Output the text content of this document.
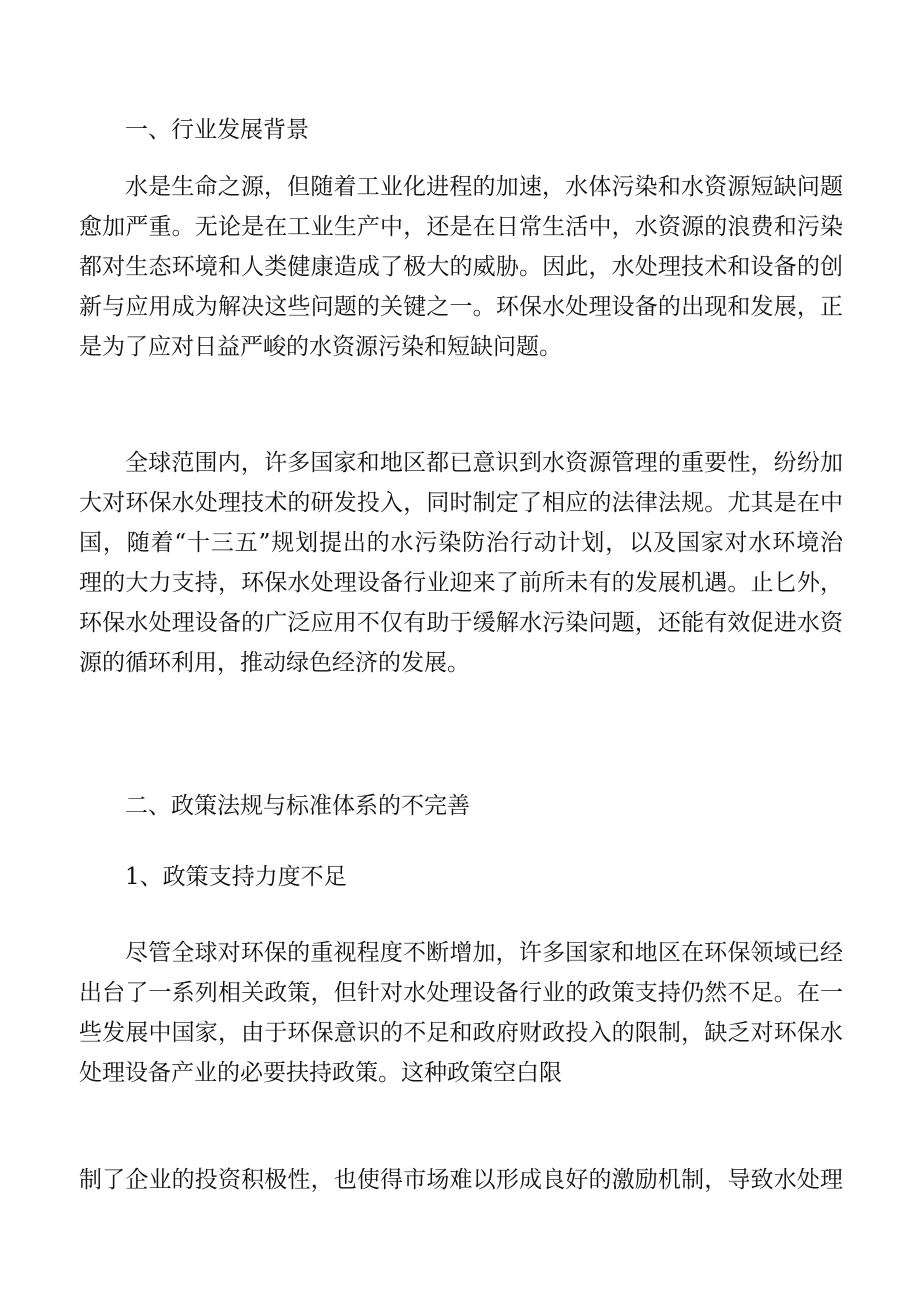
一、行业发展背景
水是生命之源，但随着工业化进程的加速，水体污染和水资源短缺问题
愈加严重。无论是在工业生产中，还是在日常生活中，水资源的浪费和污染
都对生态环境和人类健康造成了极大的威胁。因此，水处理技术和设备的创
新与应用成为解决这些问题的关键之一。环保水处理设备的出现和发展，正
是为了应对日益严峻的水资源污染和短缺问题。
全球范围内，许多国家和地区都已意识到水资源管理的重要性，纷纷加
大对环保水处理技术的研发投入，同时制定了相应的法律法规。尤其是在中
国，随着“十三五”规划提出的水污染防治行动计划，以及国家对水环境治
理的大力支持，环保水处理设备行业迎来了前所未有的发展机遇。止匕外，
环保水处理设备的广泛应用不仅有助于缓解水污染问题，还能有效促进水资
源的循环利用，推动绿色经济的发展。
二、政策法规与标准体系的不完善
1、政策支持力度不足
尽管全球对环保的重视程度不断增加，许多国家和地区在环保领域已经
出台了一系列相关政策，但针对水处理设备行业的政策支持仍然不足。在一
些发展中国家，由于环保意识的不足和政府财政投入的限制，缺乏对环保水
处理设备产业的必要扶持政策。这种政策空白限
制了企业的投资积极性，也使得市场难以形成良好的激励机制，导致水处理
